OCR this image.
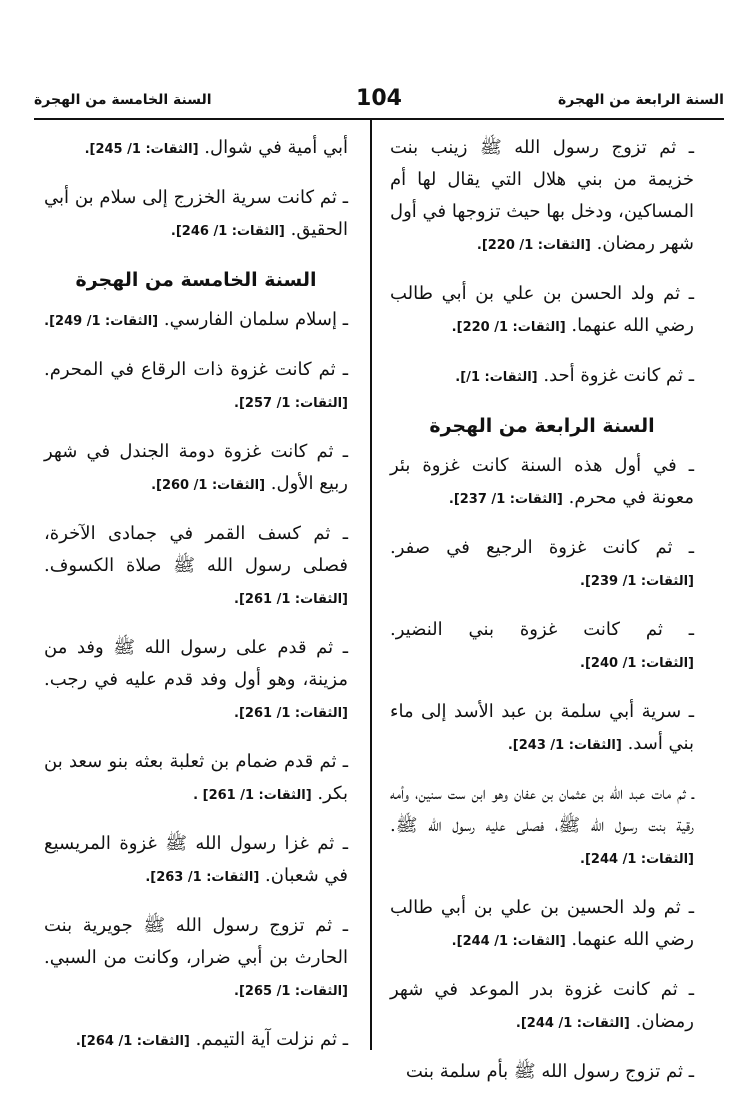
السنة الرابعة من الهجرة
104
السنة الخامسة من الهجرة

ـ ثم تزوج رسول الله ﷺ زينب بنت خزيمة من بني هلال التي يقال لها أم المساكين، ودخل بها حيث تزوجها في أول شهر رمضان. [الثقات: 1/ 220].

ـ ثم ولد الحسن بن علي بن أبي طالب رضي الله عنهما. [الثقات: 1/ 220].

ـ ثم كانت غزوة أحد. [الثقات: 1/].

السنة الرابعة من الهجرة

ـ في أول هذه السنة كانت غزوة بئر معونة في محرم. [الثقات: 1/ 237].

ـ ثم كانت غزوة الرجيع في صفر. [الثقات: 1/ 239].

ـ ثم كانت غزوة بني النضير. [الثقات: 1/ 240].

ـ سرية أبي سلمة بن عبد الأسد إلى ماء بني أسد. [الثقات: 1/ 243].

ـ ثم مات عبد الله بن عثمان بن عفان وهو ابن ست سنين، وأمه رقية بنت رسول الله ﷺ، فصلى عليه رسول الله ﷺ. [الثقات: 1/ 244].

ـ ثم ولد الحسين بن علي بن أبي طالب رضي الله عنهما. [الثقات: 1/ 244].

ـ ثم كانت غزوة بدر الموعد في شهر رمضان. [الثقات: 1/ 244].

ـ ثم تزوج رسول الله ﷺ بأم سلمة بنت

أبي أمية في شوال. [الثقات: 1/ 245].

ـ ثم كانت سرية الخزرج إلى سلام بن أبي الحقيق. [الثقات: 1/ 246].

السنة الخامسة من الهجرة

ـ إسلام سلمان الفارسي. [الثقات: 1/ 249].

ـ ثم كانت غزوة ذات الرقاع في المحرم. [الثقات: 1/ 257].

ـ ثم كانت غزوة دومة الجندل في شهر ربيع الأول. [الثقات: 1/ 260].

ـ ثم كسف القمر في جمادى الآخرة، فصلى رسول الله ﷺ صلاة الكسوف. [الثقات: 1/ 261].

ـ ثم قدم على رسول الله ﷺ وفد من مزينة، وهو أول وفد قدم عليه في رجب. [الثقات: 1/ 261].

ـ ثم قدم ضمام بن ثعلبة بعثه بنو سعد بن بكر. [الثقات: 1/ 261] .

ـ ثم غزا رسول الله ﷺ غزوة المريسيع في شعبان. [الثقات: 1/ 263].

ـ ثم تزوج رسول الله ﷺ جويرية بنت الحارث بن أبي ضرار، وكانت من السبي. [الثقات: 1/ 265].

ـ ثم نزلت آية التيمم. [الثقات: 1/ 264].
